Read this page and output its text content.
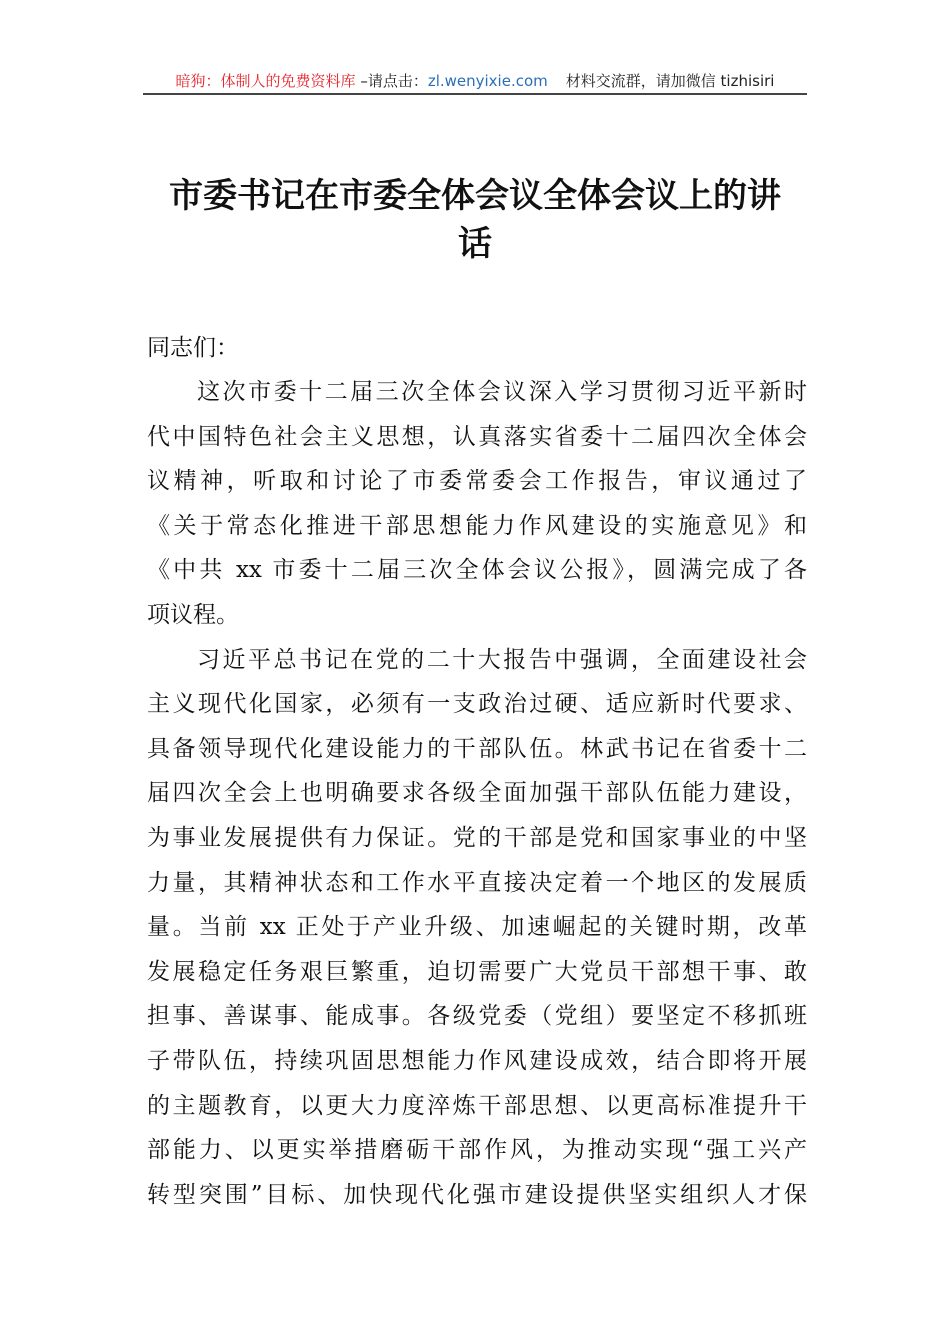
暗狗：体制人的免费资料库 –请点击：zl.wenyixie.com 材料交流群，请加微信 tizhisiri
市委书记在市委全体会议全体会议上的讲
话
同志们：
这次市委十二届三次全体会议深入学习贯彻习近平新时
代中国特色社会主义思想，认真落实省委十二届四次全体会
议精神，听取和讨论了市委常委会工作报告，审议通过了
《关于常态化推进干部思想能力作风建设的实施意见》和
《中共 xx 市委十二届三次全体会议公报》，圆满完成了各
项议程。
习近平总书记在党的二十大报告中强调，全面建设社会
主义现代化国家，必须有一支政治过硬、适应新时代要求、
具备领导现代化建设能力的干部队伍。林武书记在省委十二
届四次全会上也明确要求各级全面加强干部队伍能力建设，
为事业发展提供有力保证。党的干部是党和国家事业的中坚
力量，其精神状态和工作水平直接决定着一个地区的发展质
量。当前 xx 正处于产业升级、加速崛起的关键时期，改革
发展稳定任务艰巨繁重，迫切需要广大党员干部想干事、敢
担事、善谋事、能成事。各级党委（党组）要坚定不移抓班
子带队伍，持续巩固思想能力作风建设成效，结合即将开展
的主题教育，以更大力度淬炼干部思想、以更高标准提升干
部能力、以更实举措磨砺干部作风，为推动实现“强工兴产
转型突围”目标、加快现代化强市建设提供坚实组织人才保
